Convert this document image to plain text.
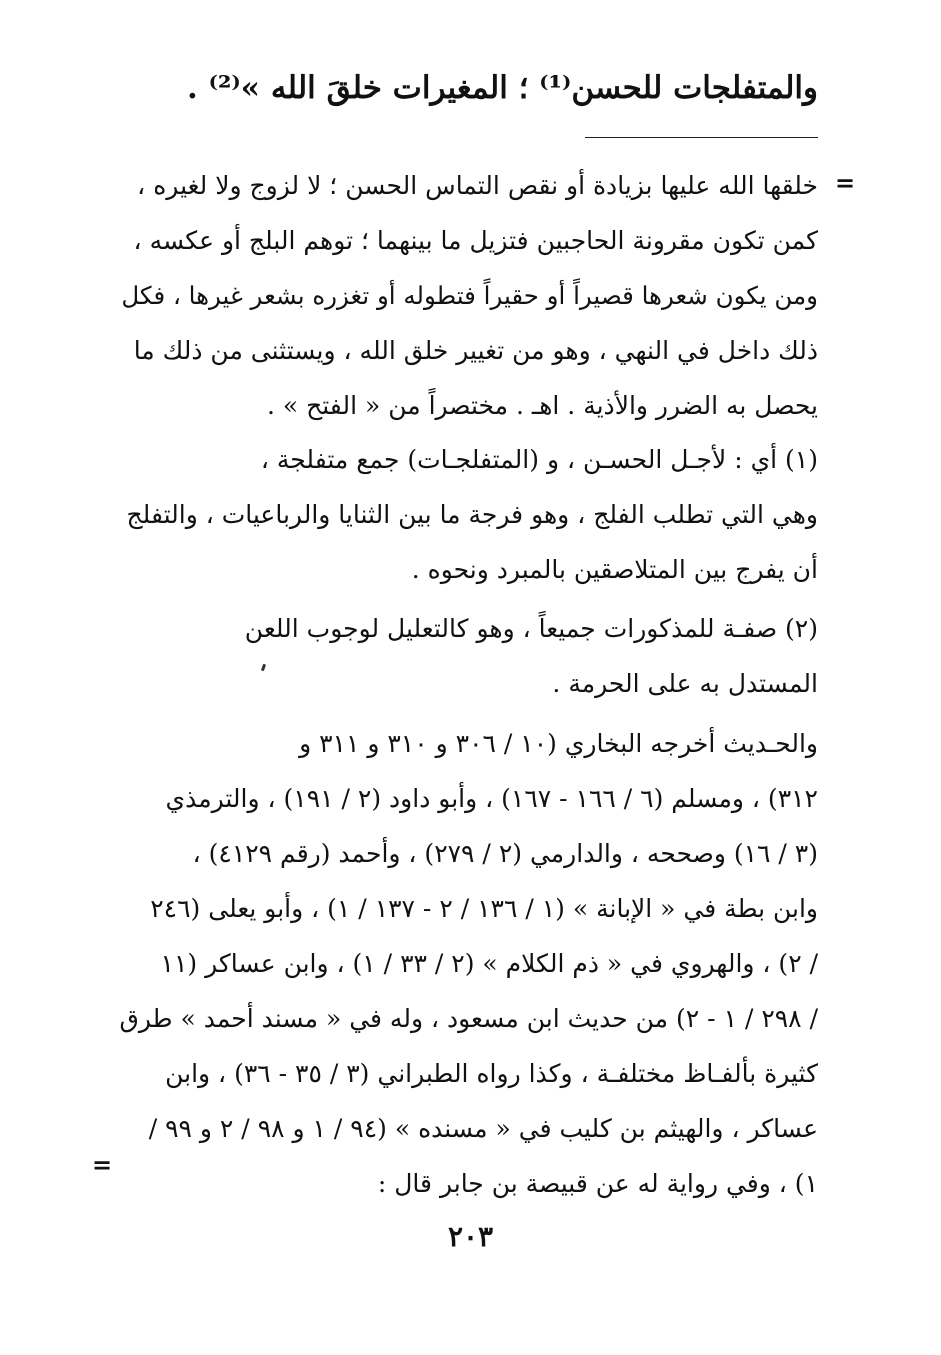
والمتفلجات للحسن⁽¹⁾ ؛ المغيرات خلقَ الله »⁽²⁾ .
=
خلقها الله عليها بزيادة أو نقص التماس الحسن ؛ لا لزوج ولا لغيره ،
كمن تكون مقرونة الحاجبين فتزيل ما بينهما ؛ توهم البلج أو عكسه ،
ومن يكون شعرها قصيراً أو حقيراً فتطوله أو تغزره بشعر غيرها ، فكل
ذلك داخل في النهي ، وهو من تغيير خلق الله ، ويستثنى من ذلك ما
يحصل به الضرر والأذية . اهـ . مختصراً من « الفتح » .
(١) أي : لأجـل الحسـن ، و (المتفلجـات) جمع متفلجة ،
وهي التي تطلب الفلج ، وهو فرجة ما بين الثنايا والرباعيات ، والتفلج
أن يفرج بين المتلاصقين بالمبرد ونحوه .
(٢) صفـة للمذكورات جميعاً ، وهو كالتعليل لوجوب اللعن
المستدل به على الحرمة .
والحـديث أخرجه البخاري (١٠ / ٣٠٦ و ٣١٠ و ٣١١ و
٣١٢) ، ومسلم (٦ / ١٦٦ - ١٦٧) ، وأبو داود (٢ / ١٩١) ، والترمذي
(٣ / ١٦) وصححه ، والدارمي (٢ / ٢٧٩) ، وأحمد (رقم ٤١٢٩) ،
وابن بطة في « الإبانة » (١ / ١٣٦ / ٢ - ١٣٧ / ١) ، وأبو يعلى (٢٤٦
/ ٢) ، والهروي في « ذم الكلام » (٢ / ٣٣ / ١) ، وابن عساكر (١١
/ ٢٩٨ / ١ - ٢) من حديث ابن مسعود ، وله في « مسند أحمد » طرق
كثيرة بألفـاظ مختلفـة ، وكذا رواه الطبراني (٣ / ٣٥ - ٣٦) ، وابن
عساكر ، والهيثم بن كليب في « مسنده » (٩٤ / ١ و ٩٨ / ٢ و ٩٩ /
١) ، وفي رواية له عن قبيصة بن جابر قال :
=
٢٠٣
